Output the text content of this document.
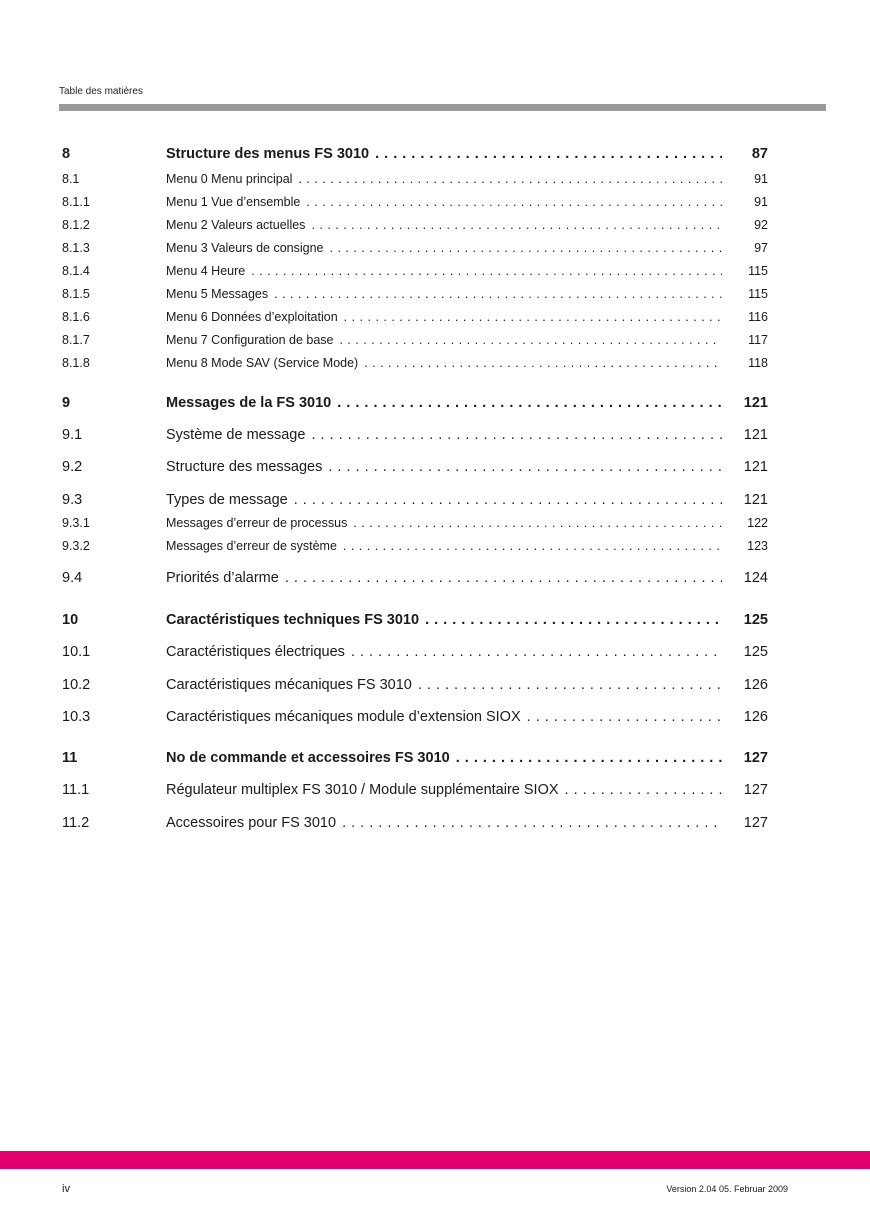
Table des matières
8	Structure des menus FS 3010 . . .	87
8.1	Menu 0 Menu principal . . .	91
8.1.1	Menu 1 Vue d’ensemble . . .	91
8.1.2	Menu 2 Valeurs actuelles . . .	92
8.1.3	Menu 3 Valeurs de consigne . . .	97
8.1.4	Menu 4 Heure . . .	115
8.1.5	Menu 5 Messages . . .	115
8.1.6	Menu 6 Données d’exploitation . . .	116
8.1.7	Menu 7 Configuration de base . . .	117
8.1.8	Menu 8 Mode SAV (Service Mode) . . .	118
9	Messages de la FS 3010 . . .	121
9.1	Système de message . . .	121
9.2	Structure des messages . . .	121
9.3	Types de message . . .	121
9.3.1	Messages d’erreur de processus . . .	122
9.3.2	Messages d’erreur de système . . .	123
9.4	Priorités d’alarme . . .	124
10	Caractéristiques techniques FS 3010 . . .	125
10.1	Caractéristiques électriques . . .	125
10.2	Caractéristiques mécaniques FS 3010 . . .	126
10.3	Caractéristiques mécaniques module d’extension SIOX . . .	126
11	No de commande et accessoires FS 3010 . . .	127
11.1	Régulateur multiplex FS 3010 / Module supplémentaire SIOX . . .	127
11.2	Accessoires pour FS 3010 . . .	127
iv	Version 2.04 05. Februar 2009
